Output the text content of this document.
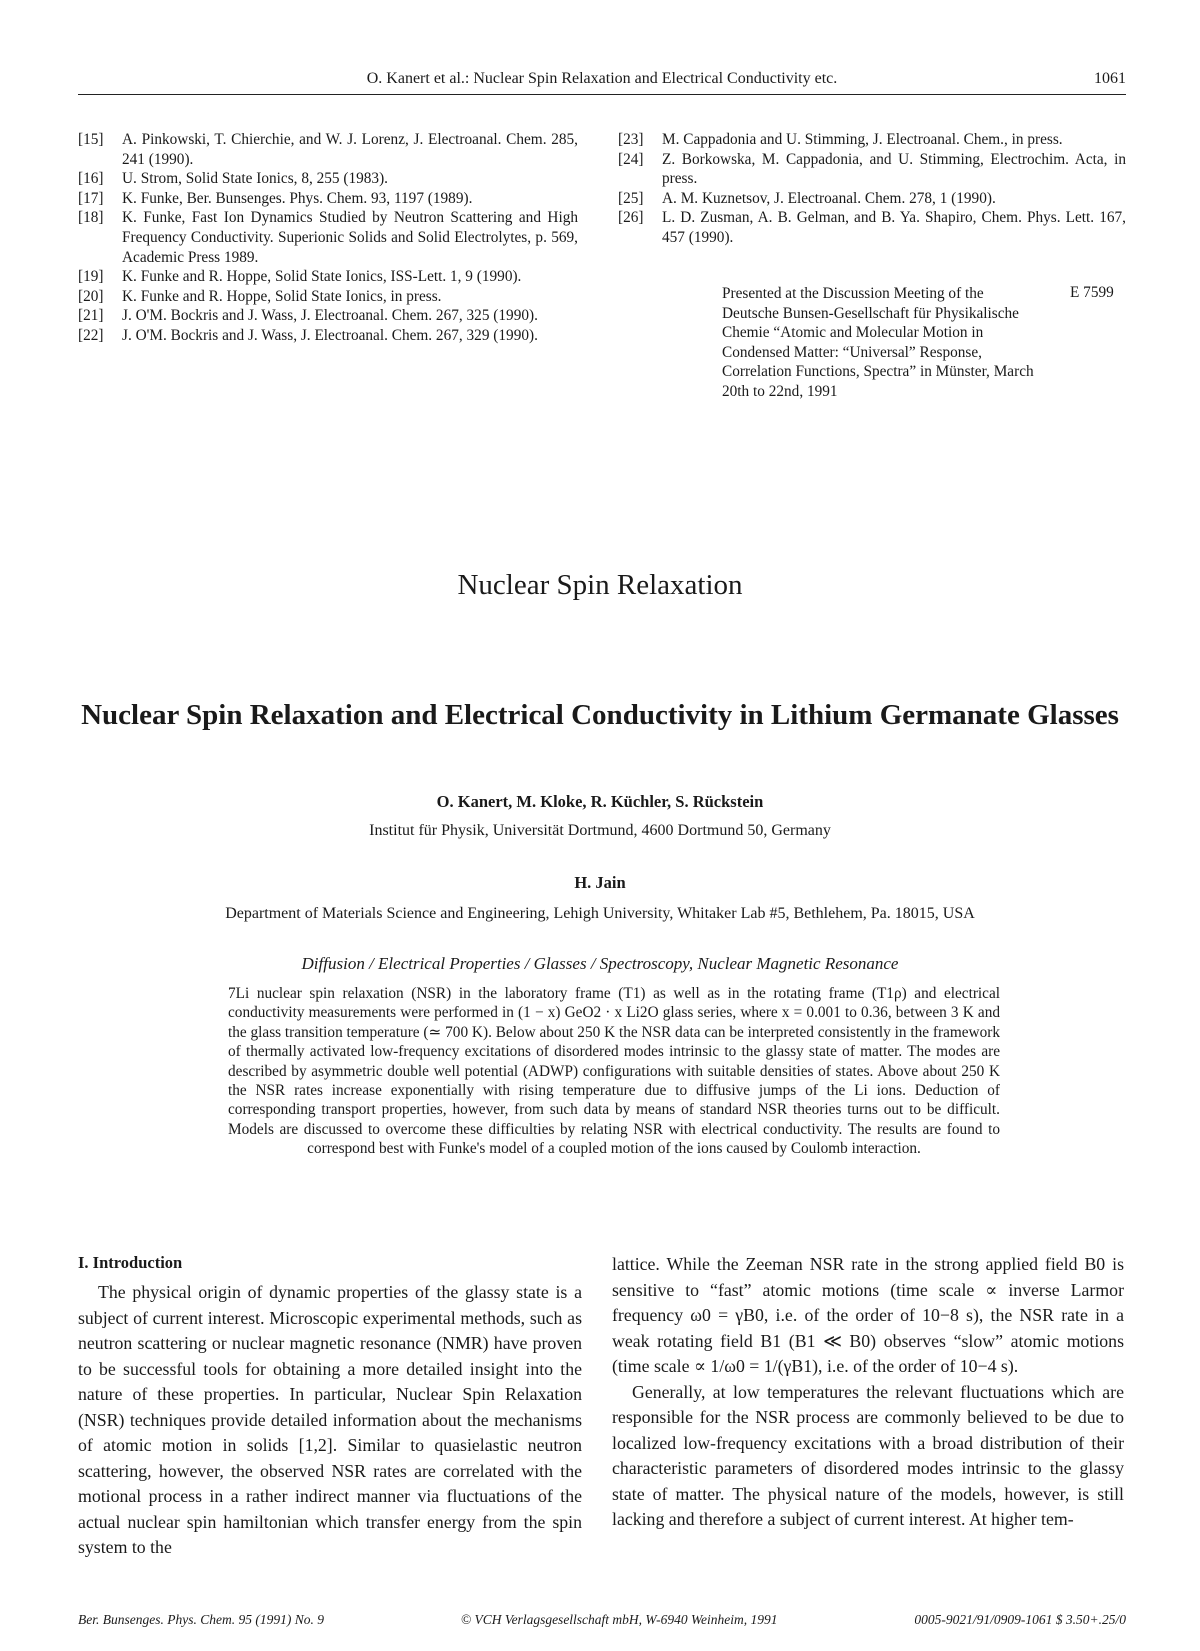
O. Kanert et al.: Nuclear Spin Relaxation and Electrical Conductivity etc.	1061
[15] A. Pinkowski, T. Chierchie, and W. J. Lorenz, J. Electroanal. Chem. 285, 241 (1990).
[16] U. Strom, Solid State Ionics, 8, 255 (1983).
[17] K. Funke, Ber. Bunsenges. Phys. Chem. 93, 1197 (1989).
[18] K. Funke, Fast Ion Dynamics Studied by Neutron Scattering and High Frequency Conductivity. Superionic Solids and Solid Electrolytes, p. 569, Academic Press 1989.
[19] K. Funke and R. Hoppe, Solid State Ionics, ISS-Lett. 1, 9 (1990).
[20] K. Funke and R. Hoppe, Solid State Ionics, in press.
[21] J. O'M. Bockris and J. Wass, J. Electroanal. Chem. 267, 325 (1990).
[22] J. O'M. Bockris and J. Wass, J. Electroanal. Chem. 267, 329 (1990).
[23] M. Cappadonia and U. Stimming, J. Electroanal. Chem., in press.
[24] Z. Borkowska, M. Cappadonia, and U. Stimming, Electrochim. Acta, in press.
[25] A. M. Kuznetsov, J. Electroanal. Chem. 278, 1 (1990).
[26] L. D. Zusman, A. B. Gelman, and B. Ya. Shapiro, Chem. Phys. Lett. 167, 457 (1990).
Presented at the Discussion Meeting of the Deutsche Bunsen-Gesellschaft für Physikalische Chemie “Atomic and Molecular Motion in Condensed Matter: “Universal” Response, Correlation Functions, Spectra” in Münster, March 20th to 22nd, 1991
E 7599
Nuclear Spin Relaxation
Nuclear Spin Relaxation and Electrical Conductivity in Lithium Germanate Glasses
O. Kanert, M. Kloke, R. Küchler, S. Rückstein
Institut für Physik, Universität Dortmund, 4600 Dortmund 50, Germany
H. Jain
Department of Materials Science and Engineering, Lehigh University, Whitaker Lab #5, Bethlehem, Pa. 18015, USA
Diffusion / Electrical Properties / Glasses / Spectroscopy, Nuclear Magnetic Resonance
7Li nuclear spin relaxation (NSR) in the laboratory frame (T1) as well as in the rotating frame (T1ρ) and electrical conductivity measurements were performed in (1 − x) GeO2 · x Li2O glass series, where x = 0.001 to 0.36, between 3 K and the glass transition temperature (≃ 700 K). Below about 250 K the NSR data can be interpreted consistently in the framework of thermally activated low-frequency excitations of disordered modes intrinsic to the glassy state of matter. The modes are described by asymmetric double well potential (ADWP) configurations with suitable densities of states. Above about 250 K the NSR rates increase exponentially with rising temperature due to diffusive jumps of the Li ions. Deduction of corresponding transport properties, however, from such data by means of standard NSR theories turns out to be difficult. Models are discussed to overcome these difficulties by relating NSR with electrical conductivity. The results are found to correspond best with Funke's model of a coupled motion of the ions caused by Coulomb interaction.
I. Introduction

The physical origin of dynamic properties of the glassy state is a subject of current interest. Microscopic experimental methods, such as neutron scattering or nuclear magnetic resonance (NMR) have proven to be successful tools for obtaining a more detailed insight into the nature of these properties. In particular, Nuclear Spin Relaxation (NSR) techniques provide detailed information about the mechanisms of atomic motion in solids [1,2]. Similar to quasielastic neutron scattering, however, the observed NSR rates are correlated with the motional process in a rather indirect manner via fluctuations of the actual nuclear spin hamiltonian which transfer energy from the spin system to the

lattice. While the Zeeman NSR rate in the strong applied field B0 is sensitive to “fast” atomic motions (time scale ∝ inverse Larmor frequency ω0 = γB0, i.e. of the order of 10−8 s), the NSR rate in a weak rotating field B1 (B1 ≪ B0) observes “slow” atomic motions (time scale ∝ 1/ω0 = 1/(γB1), i.e. of the order of 10−4 s).

Generally, at low temperatures the relevant fluctuations which are responsible for the NSR process are commonly believed to be due to localized low-frequency excitations with a broad distribution of their characteristic parameters of disordered modes intrinsic to the glassy state of matter. The physical nature of the models, however, is still lacking and therefore a subject of current interest. At higher tem-

Ber. Bunsenges. Phys. Chem. 95 (1991) No. 9	© VCH Verlagsgesellschaft mbH, W-6940 Weinheim, 1991	0005-9021/91/0909-1061 $ 3.50+.25/0
